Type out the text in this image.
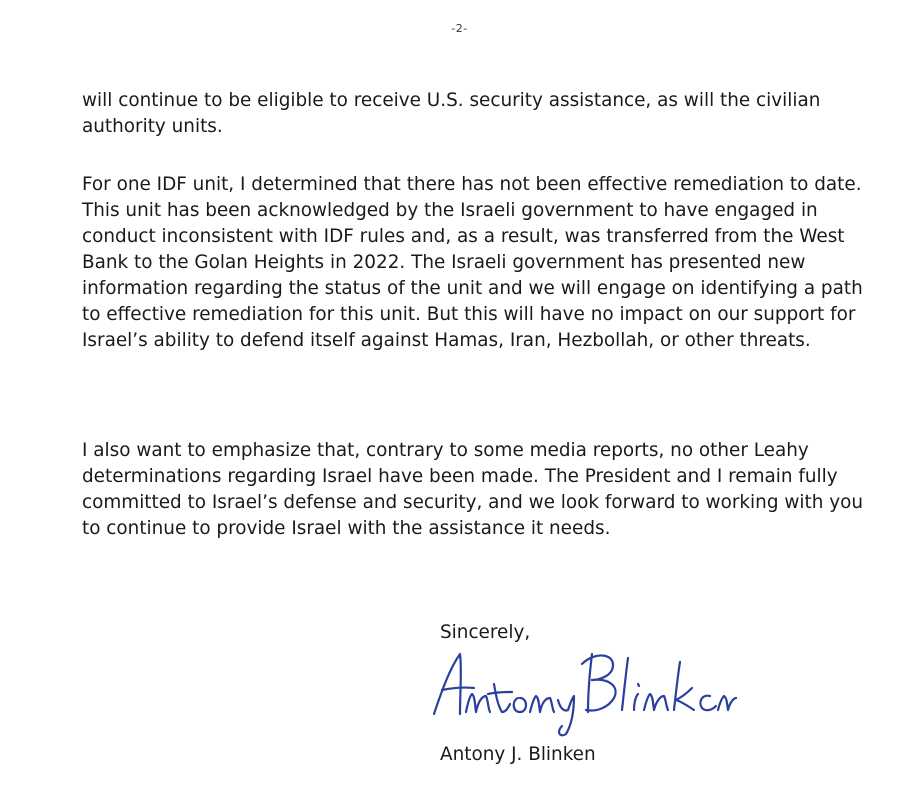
-2-

will continue to be eligible to receive U.S. security assistance, as will the civilian authority units.

For one IDF unit, I determined that there has not been effective remediation to date. This unit has been acknowledged by the Israeli government to have engaged in conduct inconsistent with IDF rules and, as a result, was transferred from the West Bank to the Golan Heights in 2022. The Israeli government has presented new information regarding the status of the unit and we will engage on identifying a path to effective remediation for this unit. But this will have no impact on our support for Israel’s ability to defend itself against Hamas, Iran, Hezbollah, or other threats.

I also want to emphasize that, contrary to some media reports, no other Leahy determinations regarding Israel have been made. The President and I remain fully committed to Israel’s defense and security, and we look forward to working with you to continue to provide Israel with the assistance it needs.

Sincerely,
Antony J. Blinken
